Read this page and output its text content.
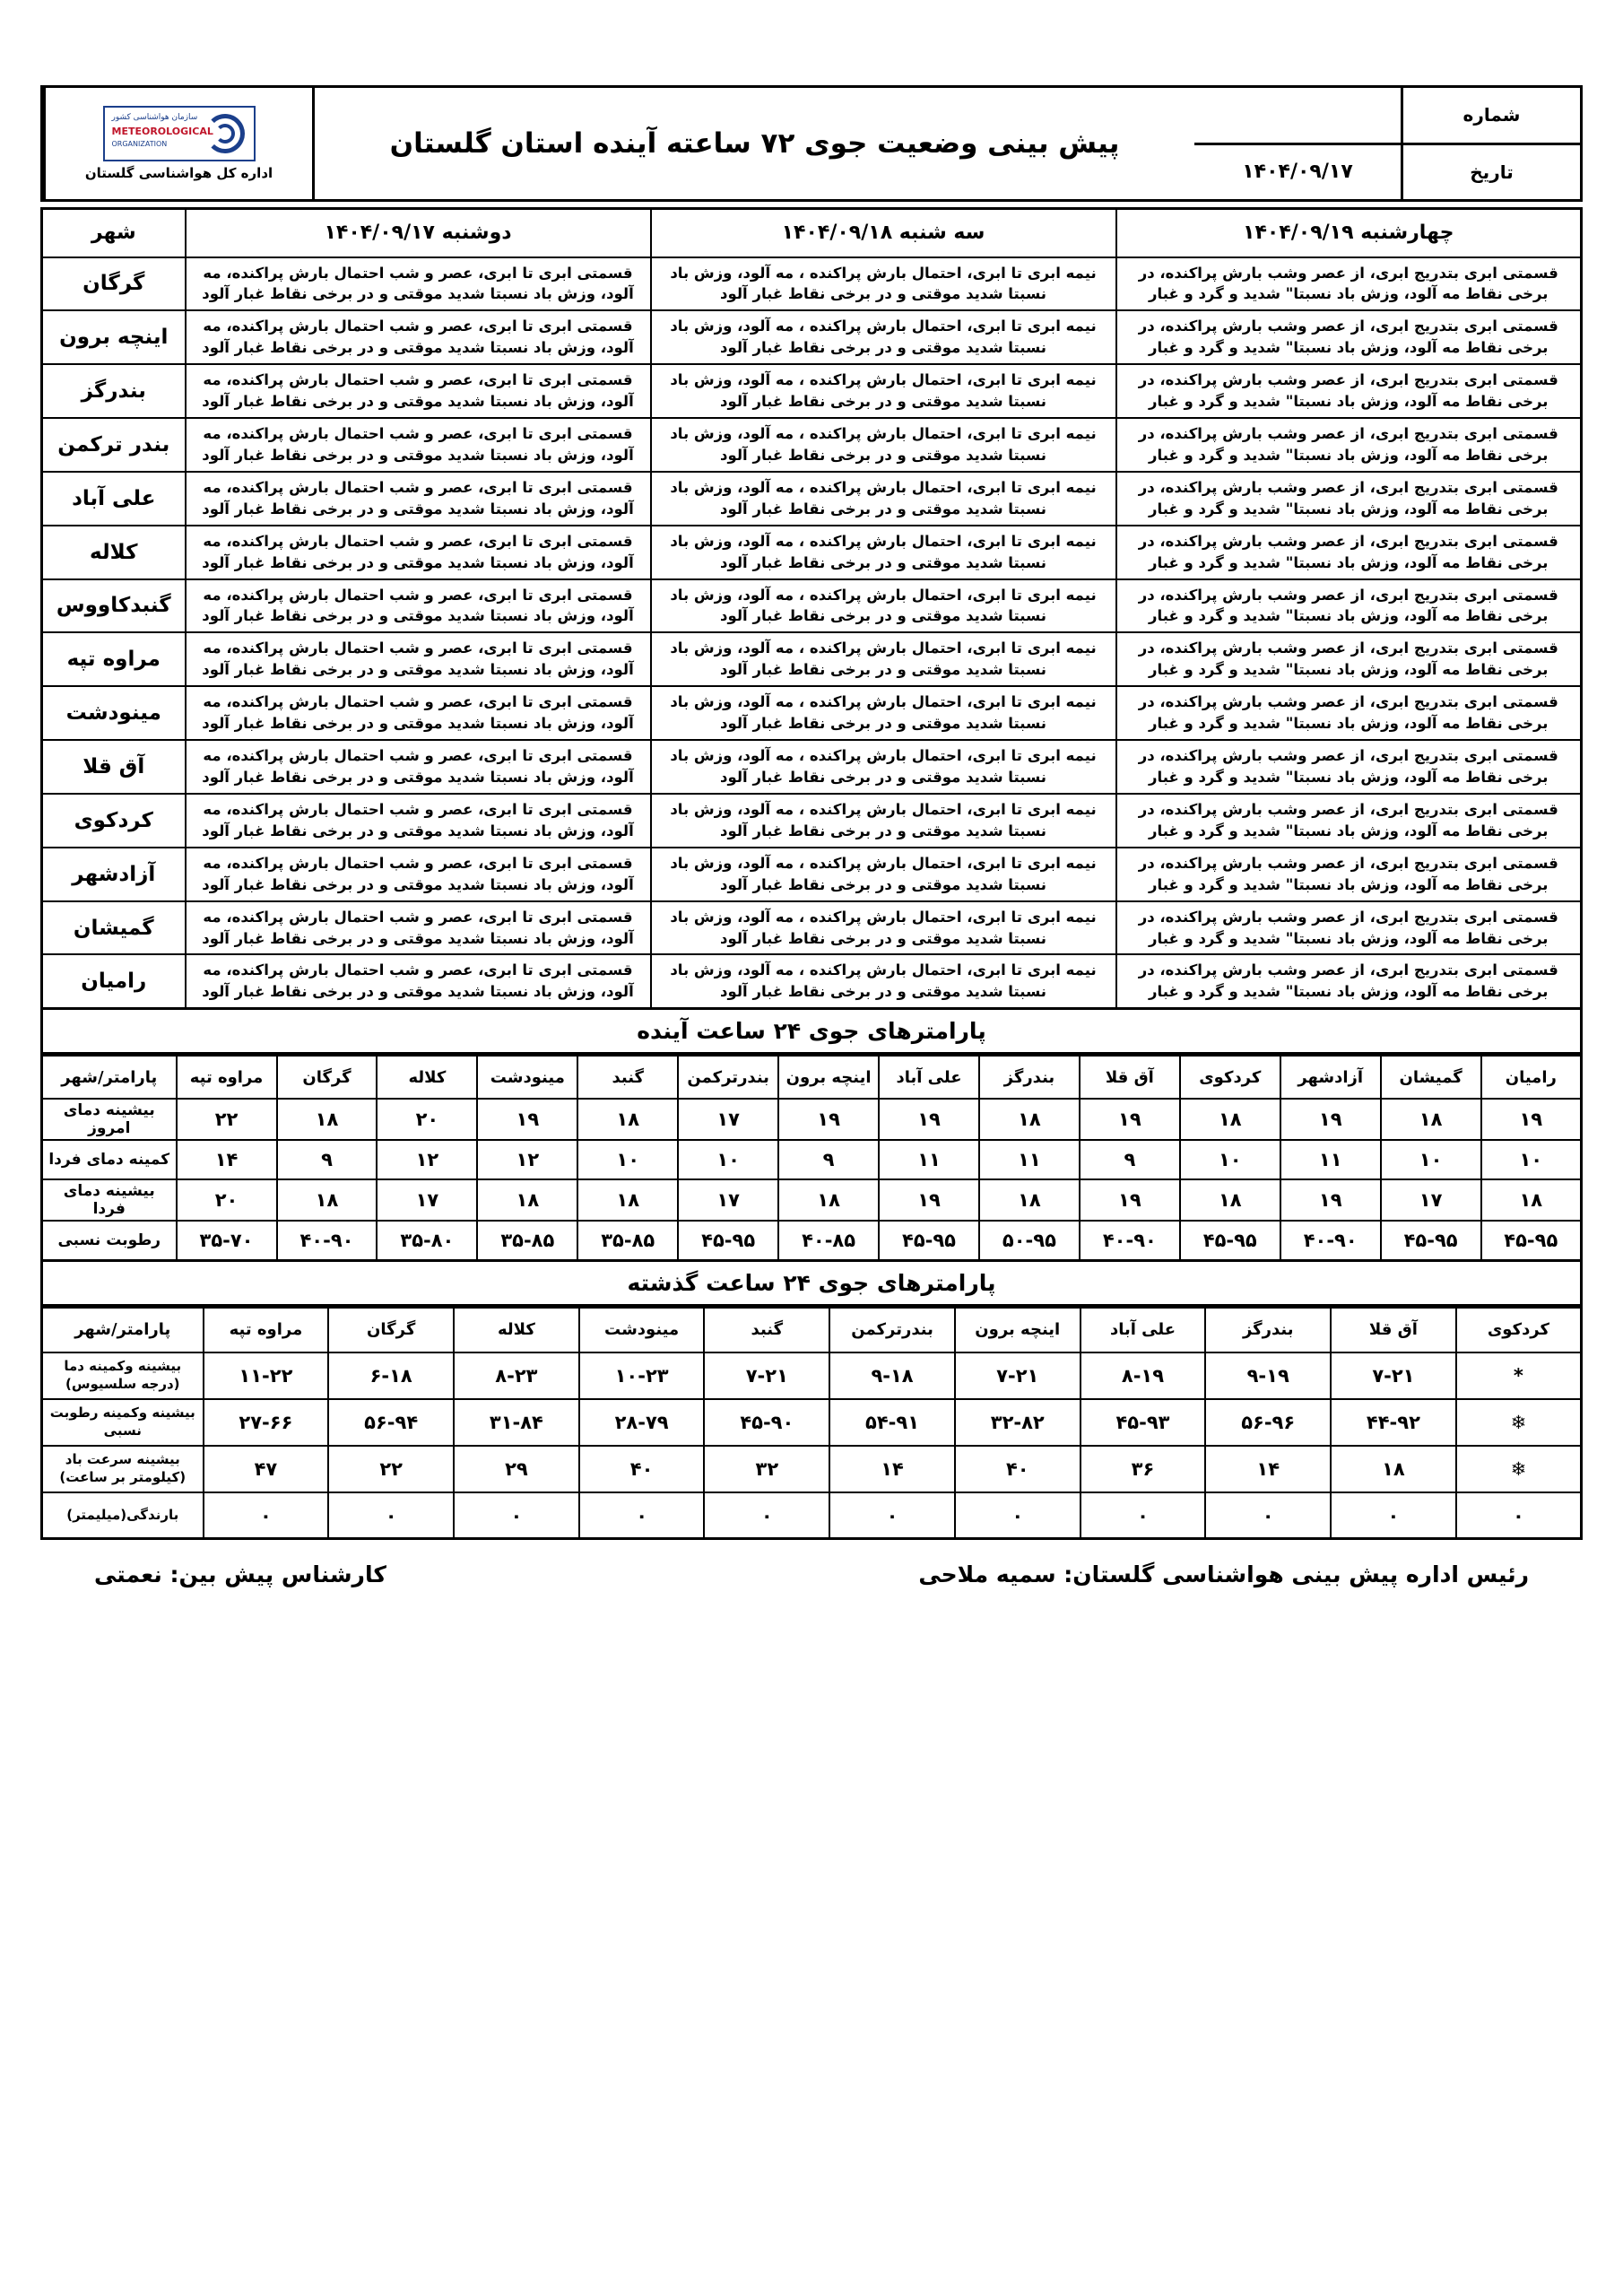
شماره
تاریخ
۱۴۰۴/۰۹/۱۷
پیش بینی وضعیت جوی ۷۲ ساعته آینده استان گلستان
سازمان هواشناسی کشور
METEOROLOGICAL
ORGANIZATION
اداره کل هواشناسی گلستان
چهارشنبه ۱۴۰۴/۰۹/۱۹	سه شنبه ۱۴۰۴/۰۹/۱۸	دوشنبه ۱۴۰۴/۰۹/۱۷	شهر
قسمتی ابری بتدریج ابری، از عصر وشب بارش پراکنده، در برخی نقاط مه آلود، وزش باد نسبتا" شدید و گرد و غبار	نیمه ابری تا ابری، احتمال بارش پراکنده ، مه آلود، وزش باد نسبتا شدید موقتی و در برخی نقاط غبار آلود	قسمتی ابری تا ابری، عصر و شب احتمال بارش پراکنده، مه آلود، وزش باد نسبتا شدید موقتی و در برخی نقاط غبار آلود	گرگان
قسمتی ابری بتدریج ابری، از عصر وشب بارش پراکنده، در برخی نقاط مه آلود، وزش باد نسبتا" شدید و گرد و غبار	نیمه ابری تا ابری، احتمال بارش پراکنده ، مه آلود، وزش باد نسبتا شدید موقتی و در برخی نقاط غبار آلود	قسمتی ابری تا ابری، عصر و شب احتمال بارش پراکنده، مه آلود، وزش باد نسبتا شدید موقتی و در برخی نقاط غبار آلود	اینچه برون
قسمتی ابری بتدریج ابری، از عصر وشب بارش پراکنده، در برخی نقاط مه آلود، وزش باد نسبتا" شدید و گرد و غبار	نیمه ابری تا ابری، احتمال بارش پراکنده ، مه آلود، وزش باد نسبتا شدید موقتی و در برخی نقاط غبار آلود	قسمتی ابری تا ابری، عصر و شب احتمال بارش پراکنده، مه آلود، وزش باد نسبتا شدید موقتی و در برخی نقاط غبار آلود	بندرگز
قسمتی ابری بتدریج ابری، از عصر وشب بارش پراکنده، در برخی نقاط مه آلود، وزش باد نسبتا" شدید و گرد و غبار	نیمه ابری تا ابری، احتمال بارش پراکنده ، مه آلود، وزش باد نسبتا شدید موقتی و در برخی نقاط غبار آلود	قسمتی ابری تا ابری، عصر و شب احتمال بارش پراکنده، مه آلود، وزش باد نسبتا شدید موقتی و در برخی نقاط غبار آلود	بندر ترکمن
قسمتی ابری بتدریج ابری، از عصر وشب بارش پراکنده، در برخی نقاط مه آلود، وزش باد نسبتا" شدید و گرد و غبار	نیمه ابری تا ابری، احتمال بارش پراکنده ، مه آلود، وزش باد نسبتا شدید موقتی و در برخی نقاط غبار آلود	قسمتی ابری تا ابری، عصر و شب احتمال بارش پراکنده، مه آلود، وزش باد نسبتا شدید موقتی و در برخی نقاط غبار آلود	علی آباد
قسمتی ابری بتدریج ابری، از عصر وشب بارش پراکنده، در برخی نقاط مه آلود، وزش باد نسبتا" شدید و گرد و غبار	نیمه ابری تا ابری، احتمال بارش پراکنده ، مه آلود، وزش باد نسبتا شدید موقتی و در برخی نقاط غبار آلود	قسمتی ابری تا ابری، عصر و شب احتمال بارش پراکنده، مه آلود، وزش باد نسبتا شدید موقتی و در برخی نقاط غبار آلود	کلاله
قسمتی ابری بتدریج ابری، از عصر وشب بارش پراکنده، در برخی نقاط مه آلود، وزش باد نسبتا" شدید و گرد و غبار	نیمه ابری تا ابری، احتمال بارش پراکنده ، مه آلود، وزش باد نسبتا شدید موقتی و در برخی نقاط غبار آلود	قسمتی ابری تا ابری، عصر و شب احتمال بارش پراکنده، مه آلود، وزش باد نسبتا شدید موقتی و در برخی نقاط غبار آلود	گنبدکاووس
قسمتی ابری بتدریج ابری، از عصر وشب بارش پراکنده، در برخی نقاط مه آلود، وزش باد نسبتا" شدید و گرد و غبار	نیمه ابری تا ابری، احتمال بارش پراکنده ، مه آلود، وزش باد نسبتا شدید موقتی و در برخی نقاط غبار آلود	قسمتی ابری تا ابری، عصر و شب احتمال بارش پراکنده، مه آلود، وزش باد نسبتا شدید موقتی و در برخی نقاط غبار آلود	مراوه تپه
قسمتی ابری بتدریج ابری، از عصر وشب بارش پراکنده، در برخی نقاط مه آلود، وزش باد نسبتا" شدید و گرد و غبار	نیمه ابری تا ابری، احتمال بارش پراکنده ، مه آلود، وزش باد نسبتا شدید موقتی و در برخی نقاط غبار آلود	قسمتی ابری تا ابری، عصر و شب احتمال بارش پراکنده، مه آلود، وزش باد نسبتا شدید موقتی و در برخی نقاط غبار آلود	مینودشت
قسمتی ابری بتدریج ابری، از عصر وشب بارش پراکنده، در برخی نقاط مه آلود، وزش باد نسبتا" شدید و گرد و غبار	نیمه ابری تا ابری، احتمال بارش پراکنده ، مه آلود، وزش باد نسبتا شدید موقتی و در برخی نقاط غبار آلود	قسمتی ابری تا ابری، عصر و شب احتمال بارش پراکنده، مه آلود، وزش باد نسبتا شدید موقتی و در برخی نقاط غبار آلود	آق قلا
قسمتی ابری بتدریج ابری، از عصر وشب بارش پراکنده، در برخی نقاط مه آلود، وزش باد نسبتا" شدید و گرد و غبار	نیمه ابری تا ابری، احتمال بارش پراکنده ، مه آلود، وزش باد نسبتا شدید موقتی و در برخی نقاط غبار آلود	قسمتی ابری تا ابری، عصر و شب احتمال بارش پراکنده، مه آلود، وزش باد نسبتا شدید موقتی و در برخی نقاط غبار آلود	کردکوی
قسمتی ابری بتدریج ابری، از عصر وشب بارش پراکنده، در برخی نقاط مه آلود، وزش باد نسبتا" شدید و گرد و غبار	نیمه ابری تا ابری، احتمال بارش پراکنده ، مه آلود، وزش باد نسبتا شدید موقتی و در برخی نقاط غبار آلود	قسمتی ابری تا ابری، عصر و شب احتمال بارش پراکنده، مه آلود، وزش باد نسبتا شدید موقتی و در برخی نقاط غبار آلود	آزادشهر
قسمتی ابری بتدریج ابری، از عصر وشب بارش پراکنده، در برخی نقاط مه آلود، وزش باد نسبتا" شدید و گرد و غبار	نیمه ابری تا ابری، احتمال بارش پراکنده ، مه آلود، وزش باد نسبتا شدید موقتی و در برخی نقاط غبار آلود	قسمتی ابری تا ابری، عصر و شب احتمال بارش پراکنده، مه آلود، وزش باد نسبتا شدید موقتی و در برخی نقاط غبار آلود	گمیشان
قسمتی ابری بتدریج ابری، از عصر وشب بارش پراکنده، در برخی نقاط مه آلود، وزش باد نسبتا" شدید و گرد و غبار	نیمه ابری تا ابری، احتمال بارش پراکنده ، مه آلود، وزش باد نسبتا شدید موقتی و در برخی نقاط غبار آلود	قسمتی ابری تا ابری، عصر و شب احتمال بارش پراکنده، مه آلود، وزش باد نسبتا شدید موقتی و در برخی نقاط غبار آلود	رامیان
پارامترهای جوی ۲۴ ساعت آینده
رامیان	گمیشان	آزادشهر	کردکوی	آق قلا	بندرگز	علی آباد	اینچه برون	بندرترکمن	گنبد	مینودشت	کلاله	گرگان	مراوه تپه	پارامتر/شهر
۱۹	۱۸	۱۹	۱۸	۱۹	۱۸	۱۹	۱۹	۱۷	۱۸	۱۹	۲۰	۱۸	۲۲	بیشینه دمای امروز
۱۰	۱۰	۱۱	۱۰	۹	۱۱	۱۱	۹	۱۰	۱۰	۱۲	۱۲	۹	۱۴	کمینه دمای فردا
۱۸	۱۷	۱۹	۱۸	۱۹	۱۸	۱۹	۱۸	۱۷	۱۸	۱۸	۱۷	۱۸	۲۰	بیشینه دمای فردا
۴۵-۹۵	۴۵-۹۵	۴۰-۹۰	۴۵-۹۵	۴۰-۹۰	۵۰-۹۵	۴۵-۹۵	۴۰-۸۵	۴۵-۹۵	۳۵-۸۵	۳۵-۸۵	۳۵-۸۰	۴۰-۹۰	۳۵-۷۰	رطوبت نسبی
پارامترهای جوی ۲۴ ساعت گذشته
کردکوی	آق قلا	بندرگز	علی آباد	اینچه برون	بندرترکمن	گنبد	مینودشت	کلاله	گرگان	مراوه تپه	پارامتر/شهر
*	۷-۲۱	۹-۱۹	۸-۱۹	۷-۲۱	۹-۱۸	۷-۲۱	۱۰-۲۳	۸-۲۳	۶-۱۸	۱۱-۲۲	بیشینه وکمینه دما (درجه سلسیوس)
❄	۴۴-۹۲	۵۶-۹۶	۴۵-۹۳	۳۲-۸۲	۵۴-۹۱	۴۵-۹۰	۲۸-۷۹	۳۱-۸۴	۵۶-۹۴	۲۷-۶۶	بیشینه وکمینه رطوبت نسبی
❄	۱۸	۱۴	۳۶	۴۰	۱۴	۳۲	۴۰	۲۹	۲۲	۴۷	بیشینه سرعت باد (کیلومتر بر ساعت)
۰	۰	۰	۰	۰	۰	۰	۰	۰	۰	۰	بارندگی(میلیمتر)
رئیس اداره پیش بینی هواشناسی گلستان: سمیه ملاحی
کارشناس پیش بین: نعمتی
